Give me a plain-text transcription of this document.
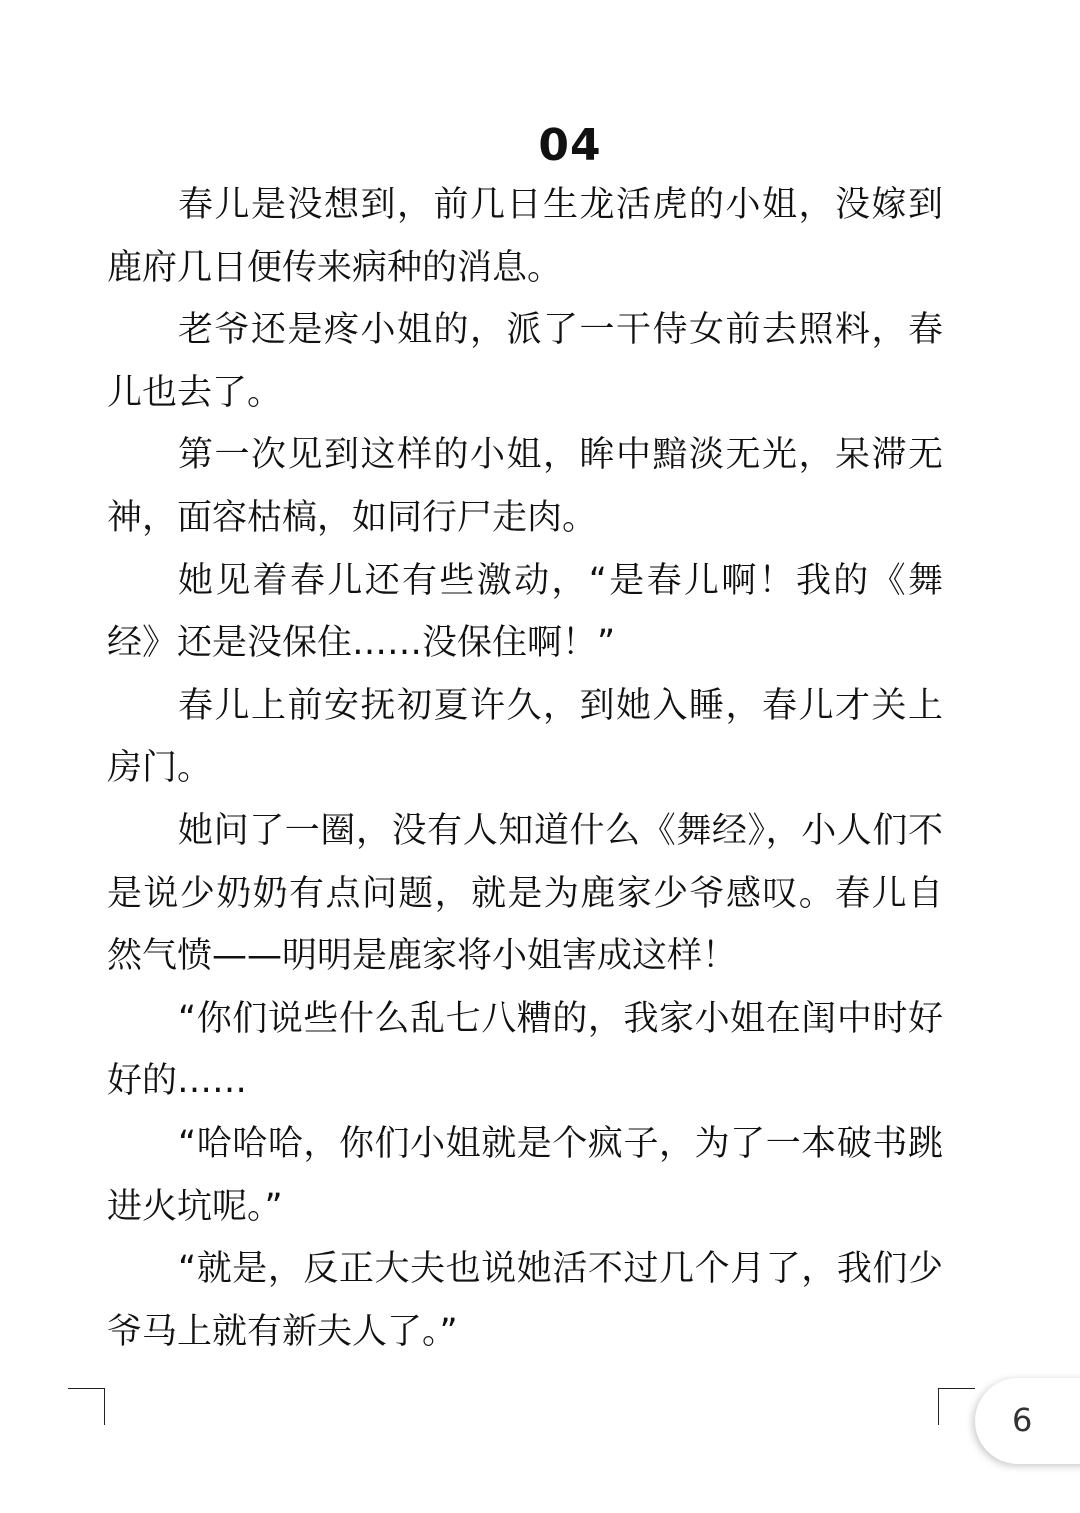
04

春儿是没想到，前几日生龙活虎的小姐，没嫁到鹿府几日便传来病种的消息。

老爷还是疼小姐的，派了一干侍女前去照料，春儿也去了。

第一次见到这样的小姐，眸中黯淡无光，呆滞无神，面容枯槁，如同行尸走肉。

她见着春儿还有些激动，“是春儿啊！我的《舞经》还是没保住……没保住啊！”

春儿上前安抚初夏许久，到她入睡，春儿才关上房门。

她问了一圈，没有人知道什么《舞经》，小人们不是说少奶奶有点问题，就是为鹿家少爷感叹。春儿自然气愤——明明是鹿家将小姐害成这样！

“你们说些什么乱七八糟的，我家小姐在闺中时好好的……

“哈哈哈，你们小姐就是个疯子，为了一本破书跳进火坑呢。”

“就是，反正大夫也说她活不过几个月了，我们少爷马上就有新夫人了。”

6
